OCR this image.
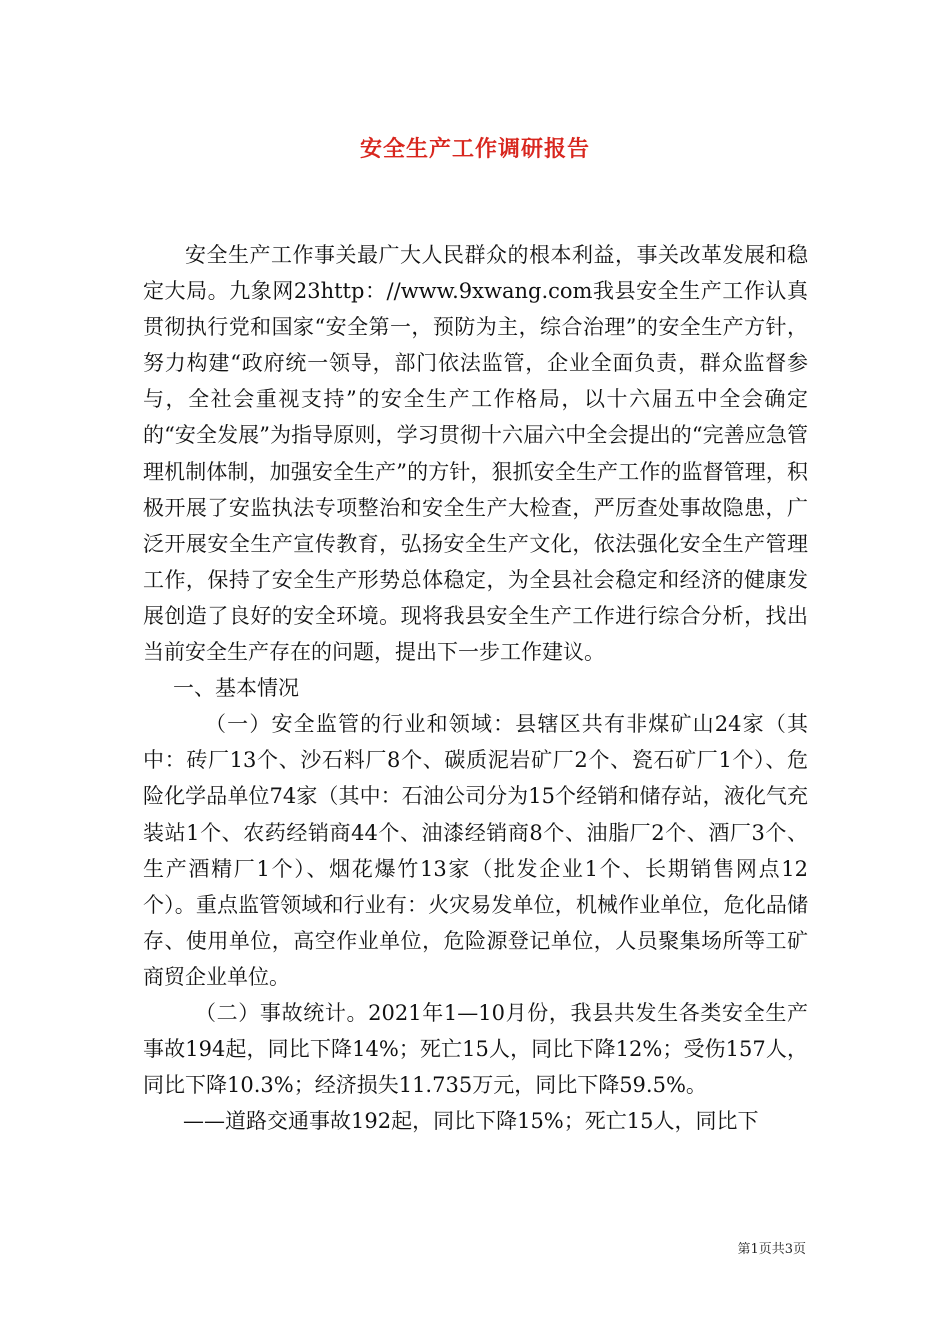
安全生产工作调研报告

安全生产工作事关最广大人民群众的根本利益，事关改革发展和稳定大局。九象网23http：//www.9xwang.com我县安全生产工作认真贯彻执行党和国家“安全第一，预防为主，综合治理”的安全生产方针，努力构建“政府统一领导，部门依法监管，企业全面负责，群众监督参与，全社会重视支持”的安全生产工作格局，以十六届五中全会确定的“安全发展”为指导原则，学习贯彻十六届六中全会提出的“完善应急管理机制体制，加强安全生产”的方针，狠抓安全生产工作的监督管理，积极开展了安监执法专项整治和安全生产大检查，严厉查处事故隐患，广泛开展安全生产宣传教育，弘扬安全生产文化，依法强化安全生产管理工作，保持了安全生产形势总体稳定，为全县社会稳定和经济的健康发展创造了良好的安全环境。现将我县安全生产工作进行综合分析，找出当前安全生产存在的问题，提出下一步工作建议。

一、基本情况

（一）安全监管的行业和领域：县辖区共有非煤矿山24家（其中：砖厂13个、沙石料厂8个、碳质泥岩矿厂2个、瓷石矿厂1个）、危险化学品单位74家（其中：石油公司分为15个经销和储存站，液化气充装站1个、农药经销商44个、油漆经销商8个、油脂厂2个、酒厂3个、生产酒精厂1个）、烟花爆竹13家（批发企业1个、长期销售网点12个）。重点监管领域和行业有：火灾易发单位，机械作业单位，危化品储存、使用单位，高空作业单位，危险源登记单位，人员聚集场所等工矿商贸企业单位。

（二）事故统计。2021年1—10月份，我县共发生各类安全生产事故194起，同比下降14%；死亡15人，同比下降12%；受伤157人，同比下降10.3%；经济损失11.735万元，同比下降59.5%。

——道路交通事故192起，同比下降15%；死亡15人，同比下

第1页共3页
